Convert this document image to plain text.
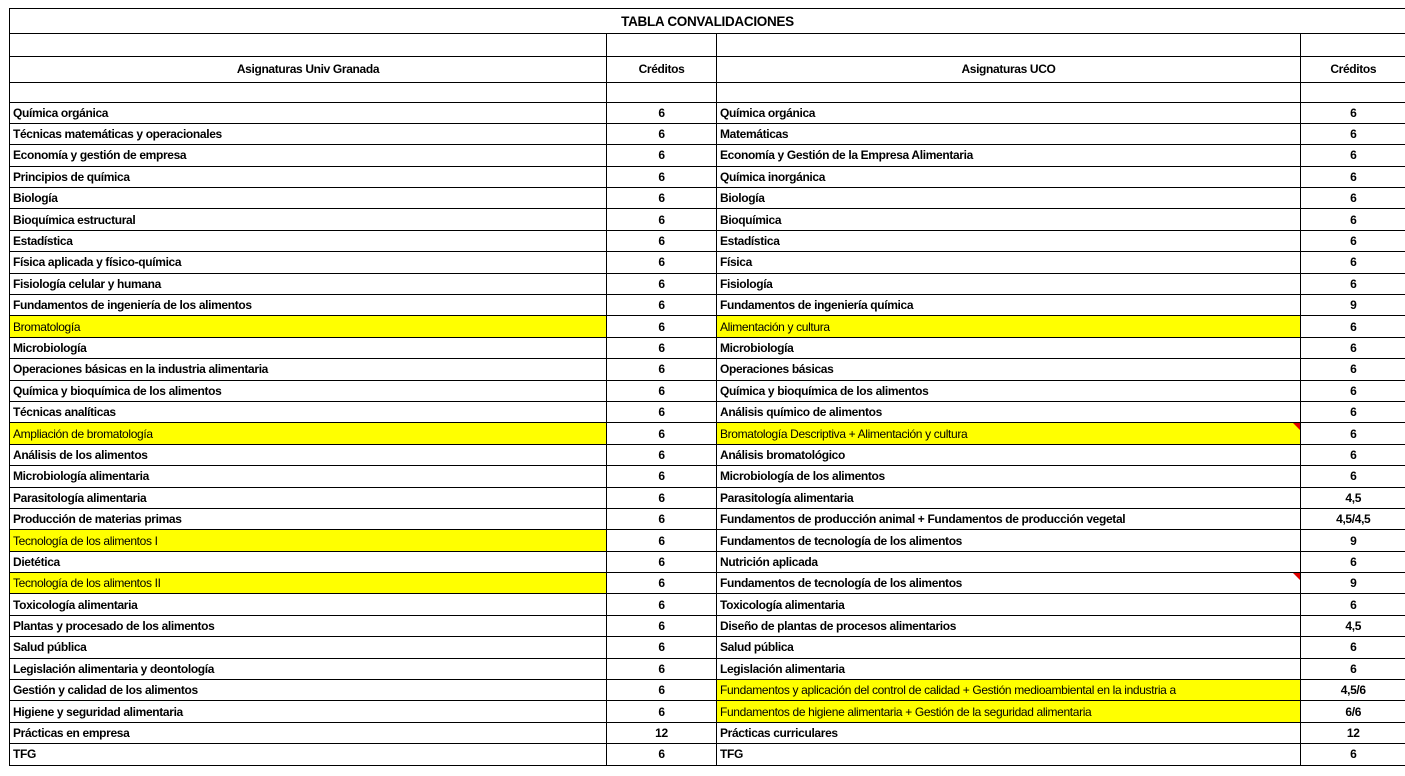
TABLA CONVALIDACIONES

Asignaturas Univ Granada	Créditos	Asignaturas UCO	Créditos

Química orgánica	6	Química orgánica	6
Técnicas matemáticas y operacionales	6	Matemáticas	6
Economía y gestión de empresa	6	Economía y Gestión de la Empresa Alimentaria	6
Principios de química	6	Química inorgánica	6
Biología	6	Biología	6
Bioquímica estructural	6	Bioquímica	6
Estadística	6	Estadística	6
Física aplicada y físico-química	6	Física	6
Fisiología celular y humana	6	Fisiología	6
Fundamentos de ingeniería de los alimentos	6	Fundamentos de ingeniería química	9
Bromatología	6	Alimentación y cultura	6
Microbiología	6	Microbiología	6
Operaciones básicas en la industria alimentaria	6	Operaciones básicas	6
Química y bioquímica de los alimentos	6	Química y bioquímica de los alimentos	6
Técnicas analíticas	6	Análisis químico de alimentos	6
Ampliación de bromatología	6	Bromatología Descriptiva + Alimentación y cultura	6
Análisis de los alimentos	6	Análisis bromatológico	6
Microbiología alimentaria	6	Microbiología de los alimentos	6
Parasitología alimentaria	6	Parasitología alimentaria	4,5
Producción de materias primas	6	Fundamentos de producción animal + Fundamentos de producción vegetal	4,5/4,5
Tecnología de los alimentos I	6	Fundamentos de tecnología de los alimentos	9
Dietética	6	Nutrición aplicada	6
Tecnología de los alimentos II	6	Fundamentos de tecnología de los alimentos	9
Toxicología alimentaria	6	Toxicología alimentaria	6
Plantas y procesado de los alimentos	6	Diseño de plantas de procesos alimentarios	4,5
Salud pública	6	Salud pública	6
Legislación alimentaria y deontología	6	Legislación alimentaria	6
Gestión y calidad de los alimentos	6	Fundamentos y aplicación del control de calidad + Gestión medioambiental en la industria a	4,5/6
Higiene y seguridad alimentaria	6	Fundamentos de higiene alimentaria + Gestión de la seguridad alimentaria	6/6
Prácticas en empresa	12	Prácticas curriculares	12
TFG	6	TFG	6
